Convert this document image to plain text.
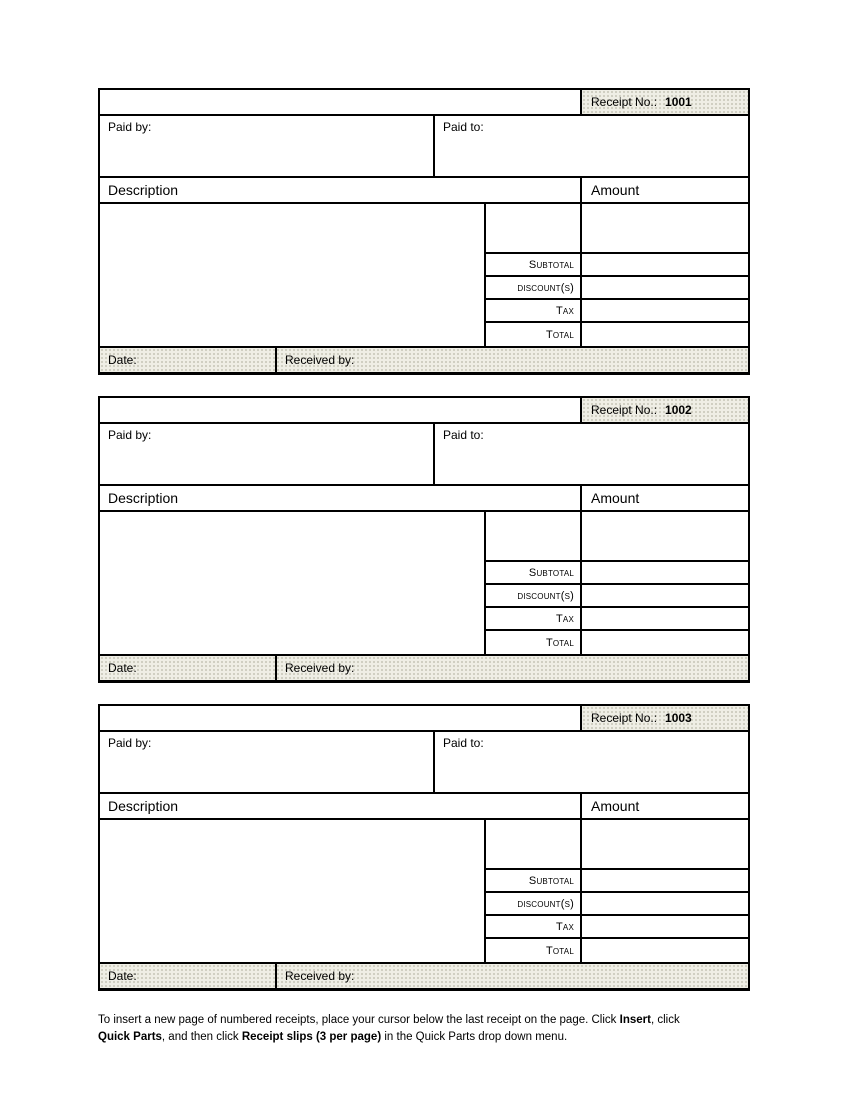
Receipt No.: 1001
Paid by:	Paid to:
Description	Amount
Subtotal
discount(s)
Tax
Total
Date:	Received by:
Receipt No.: 1002
Paid by:	Paid to:
Description	Amount
Subtotal
discount(s)
Tax
Total
Date:	Received by:
Receipt No.: 1003
Paid by:	Paid to:
Description	Amount
Subtotal
discount(s)
Tax
Total
Date:	Received by:

To insert a new page of numbered receipts, place your cursor below the last receipt on the page. Click Insert, click

Quick Parts, and then click Receipt slips (3 per page) in the Quick Parts drop down menu.
